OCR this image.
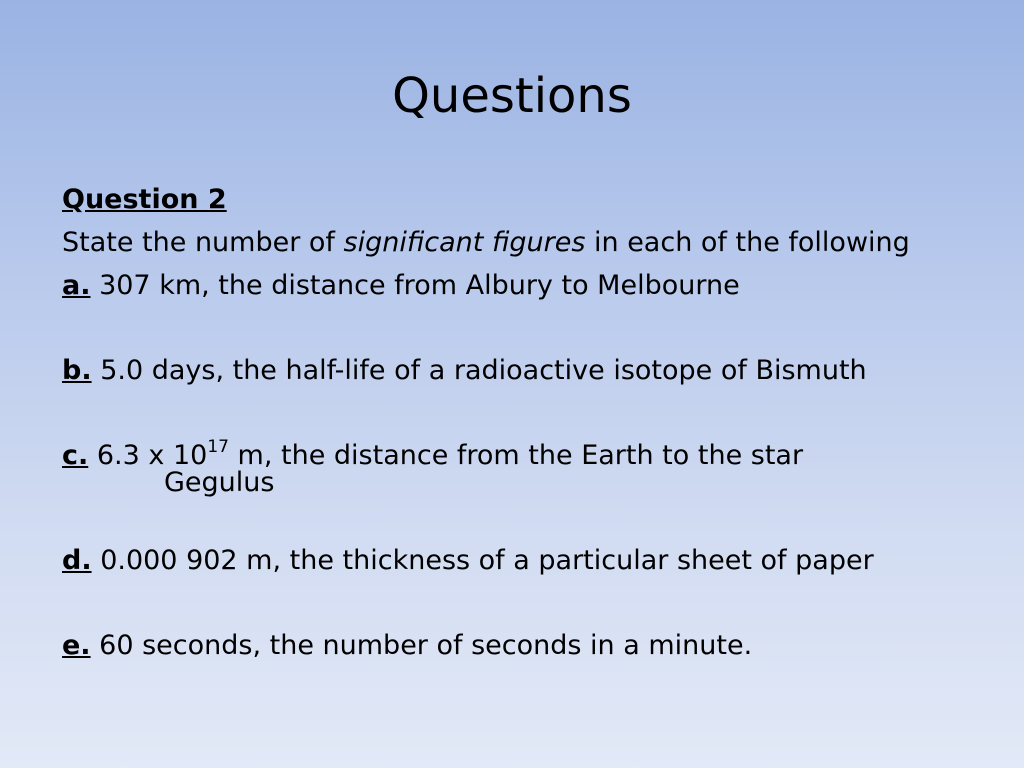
Questions
Question 2
State the number of significant figures in each of the following
a. 307 km, the distance from Albury to Melbourne
b. 5.0 days, the half-life of a radioactive isotope of Bismuth
c. 6.3 x $10^{17}$ m, the distance from the Earth to the star
Gegulus
d. 0.000 902 m, the thickness of a particular sheet of paper
e. 60 seconds, the number of seconds in a minute.
